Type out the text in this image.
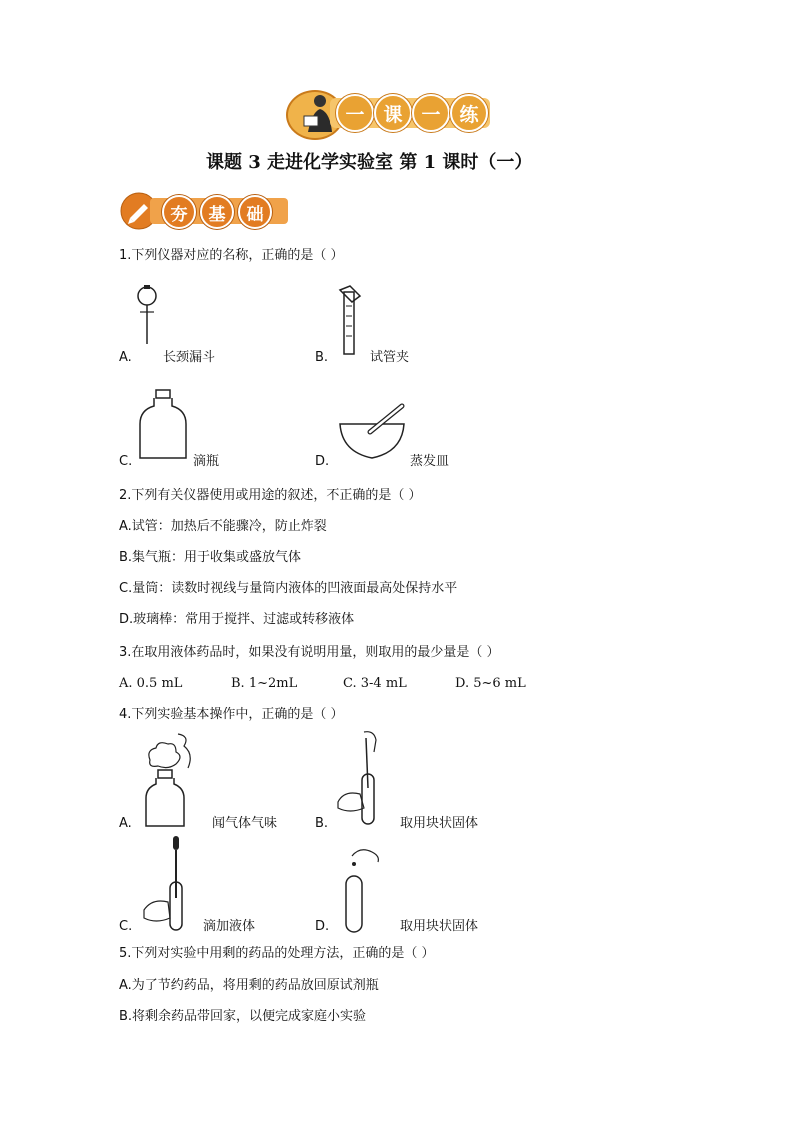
一 课 一 练
课题 3 走进化学实验室 第 1 课时（一）
夯	基	础
1.下列仪器对应的名称，正确的是（ ）
A. 长颈漏斗	B.	试管夹
C.	滴瓶	D.	蒸发皿
2.下列有关仪器使用或用途的叙述，不正确的是（ ）
A.试管：加热后不能骤冷，防止炸裂
B.集气瓶：用于收集或盛放气体
C.量筒：读数时视线与量筒内液体的凹液面最高处保持水平
D.玻璃棒：常用于搅拌、过滤或转移液体
3.在取用液体药品时，如果没有说明用量，则取用的最少量是（ ）
A. 0.5 mL	B. 1~2mL	C. 3-4 mL	D. 5~6 mL
4.下列实验基本操作中，正确的是（ ）
A.	闻气体气味	B.	取用块状固体
C.	滴加液体	D.	取用块状固体
5.下列对实验中用剩的药品的处理方法，正确的是（ ）
A.为了节约药品，将用剩的药品放回原试剂瓶
B.将剩余药品带回家，以便完成家庭小实验
